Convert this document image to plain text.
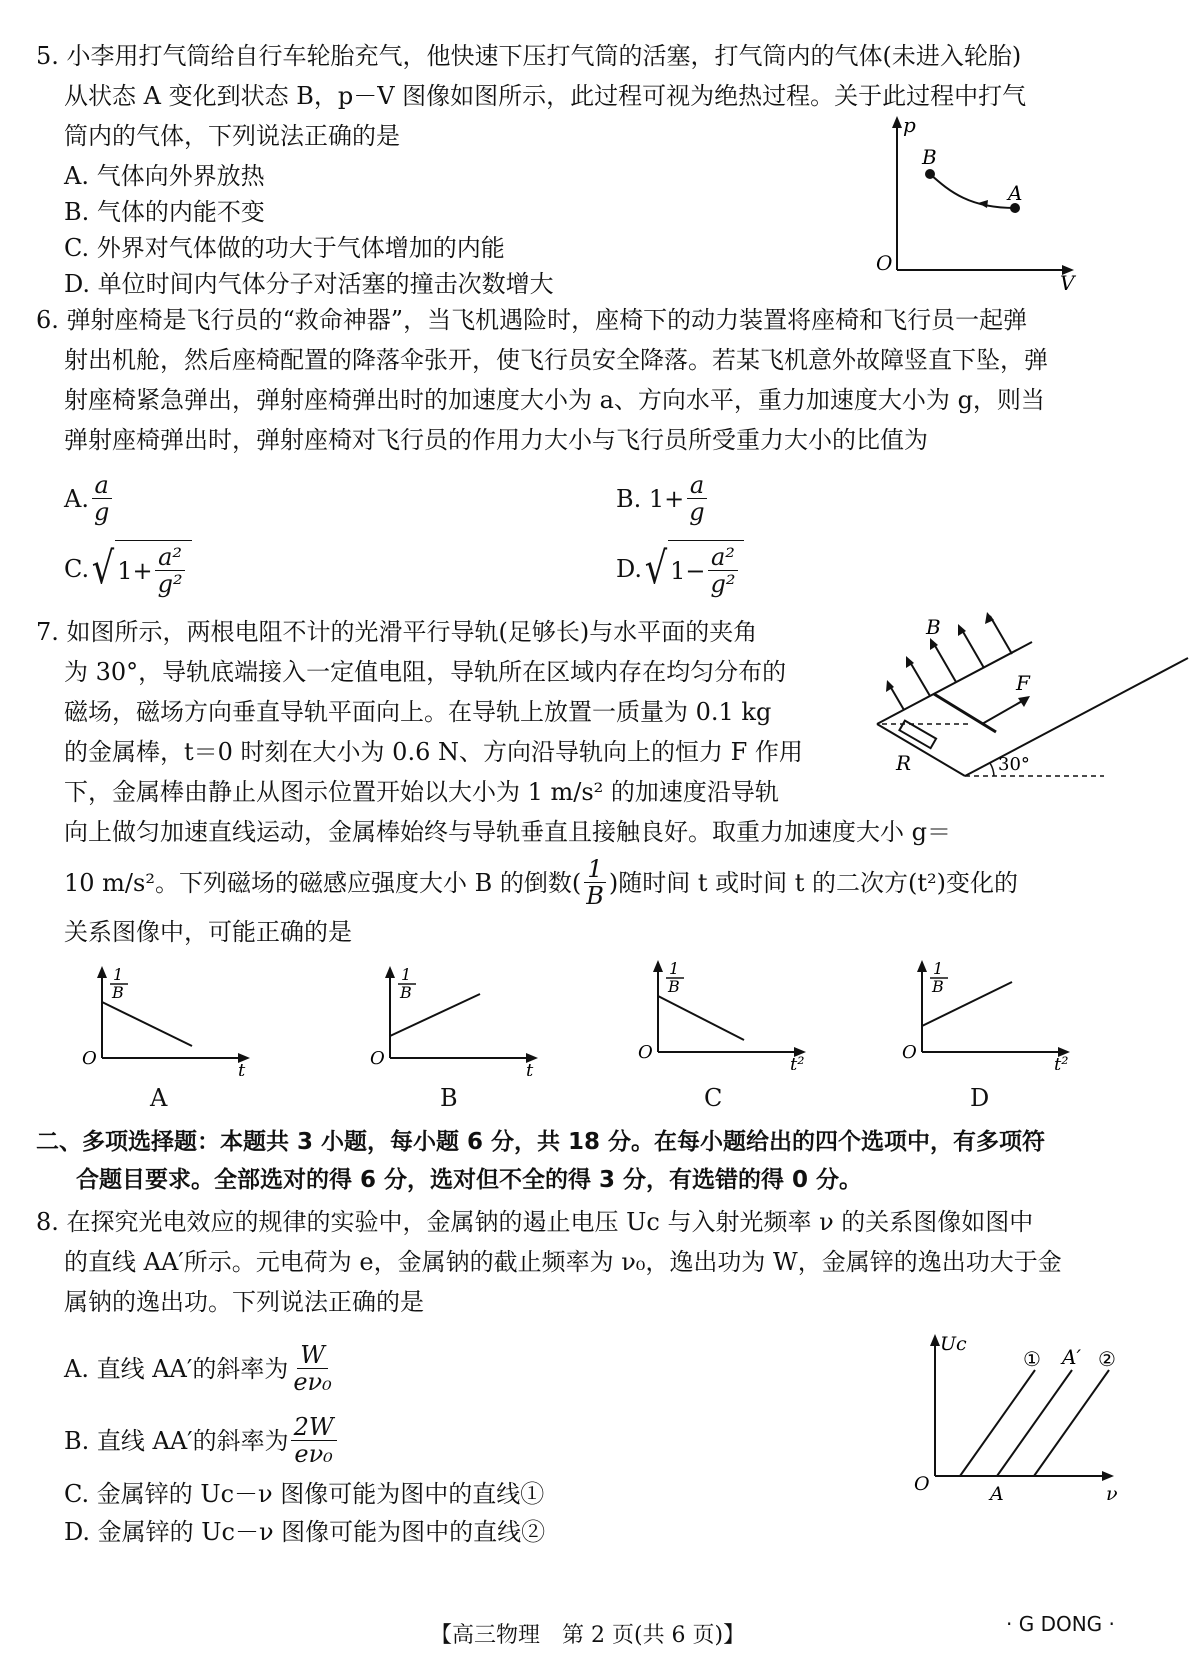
5. 小李用打气筒给自行车轮胎充气，他快速下压打气筒的活塞，打气筒内的气体(未进入轮胎)
从状态 A 变化到状态 B，p－V 图像如图所示，此过程可视为绝热过程。关于此过程中打气
筒内的气体，下列说法正确的是
A. 气体向外界放热
B. 气体的内能不变
C. 外界对气体做的功大于气体增加的内能
D. 单位时间内气体分子对活塞的撞击次数增大
p
V
O
B
A
6. 弹射座椅是飞行员的“救命神器”，当飞机遇险时，座椅下的动力装置将座椅和飞行员一起弹
射出机舱，然后座椅配置的降落伞张开，使飞行员安全降落。若某飞机意外故障竖直下坠，弹
射座椅紧急弹出，弹射座椅弹出时的加速度大小为 a、方向水平，重力加速度大小为 g，则当
弹射座椅弹出时，弹射座椅对飞行员的作用力大小与飞行员所受重力大小的比值为
A. $\frac{a}{g}$	B. $1+ \frac{a}{g}$
C. √ $1+ \frac{\text{a²}}{\text{g²}}$	D. √ $1- \frac{\text{a²}}{\text{g²}}$
7. 如图所示，两根电阻不计的光滑平行导轨(足够长)与水平面的夹角
为 30°，导轨底端接入一定值电阻，导轨所在区域内存在均匀分布的
磁场，磁场方向垂直导轨平面向上。在导轨上放置一质量为 0.1 kg
的金属棒，t＝0 时刻在大小为 0.6 N、方向沿导轨向上的恒力 F 作用
下，金属棒由静止从图示位置开始以大小为 1 m/s² 的加速度沿导轨
向上做匀加速直线运动，金属棒始终与导轨垂直且接触良好。取重力加速度大小 g＝
10 m/s²。下列磁场的磁感应强度大小 B 的倒数( $\frac{1}{B}$ )随时间 t 或时间 t 的二次方(t²)变化的
关系图像中，可能正确的是
R	30°
F
B
1
B
O
t
1
B
O
t
1
B
O
t²
1
B
O
t²
A	B	C	D
二、多项选择题：本题共 3 小题，每小题 6 分，共 18 分。在每小题给出的四个选项中，有多项符
合题目要求。全部选对的得 6 分，选对但不全的得 3 分，有选错的得 0 分。
8. 在探究光电效应的规律的实验中，金属钠的遏止电压 Uc 与入射光频率 ν 的关系图像如图中
的直线 AA′所示。元电荷为 e，金属钠的截止频率为 ν₀，逸出功为 W，金属锌的逸出功大于金
属钠的逸出功。下列说法正确的是
A. 直线 AA′的斜率为 $\frac{W}{\text{eν₀}}$
B. 直线 AA′的斜率为 $\frac{2W}{\text{eν₀}}$
C. 金属锌的 Uc－ν 图像可能为图中的直线①
D. 金属锌的 Uc－ν 图像可能为图中的直线②
Uc
ν
O	A
① A′ ②
【高三物理　第 2 页(共 6 页)】	· G DONG ·
